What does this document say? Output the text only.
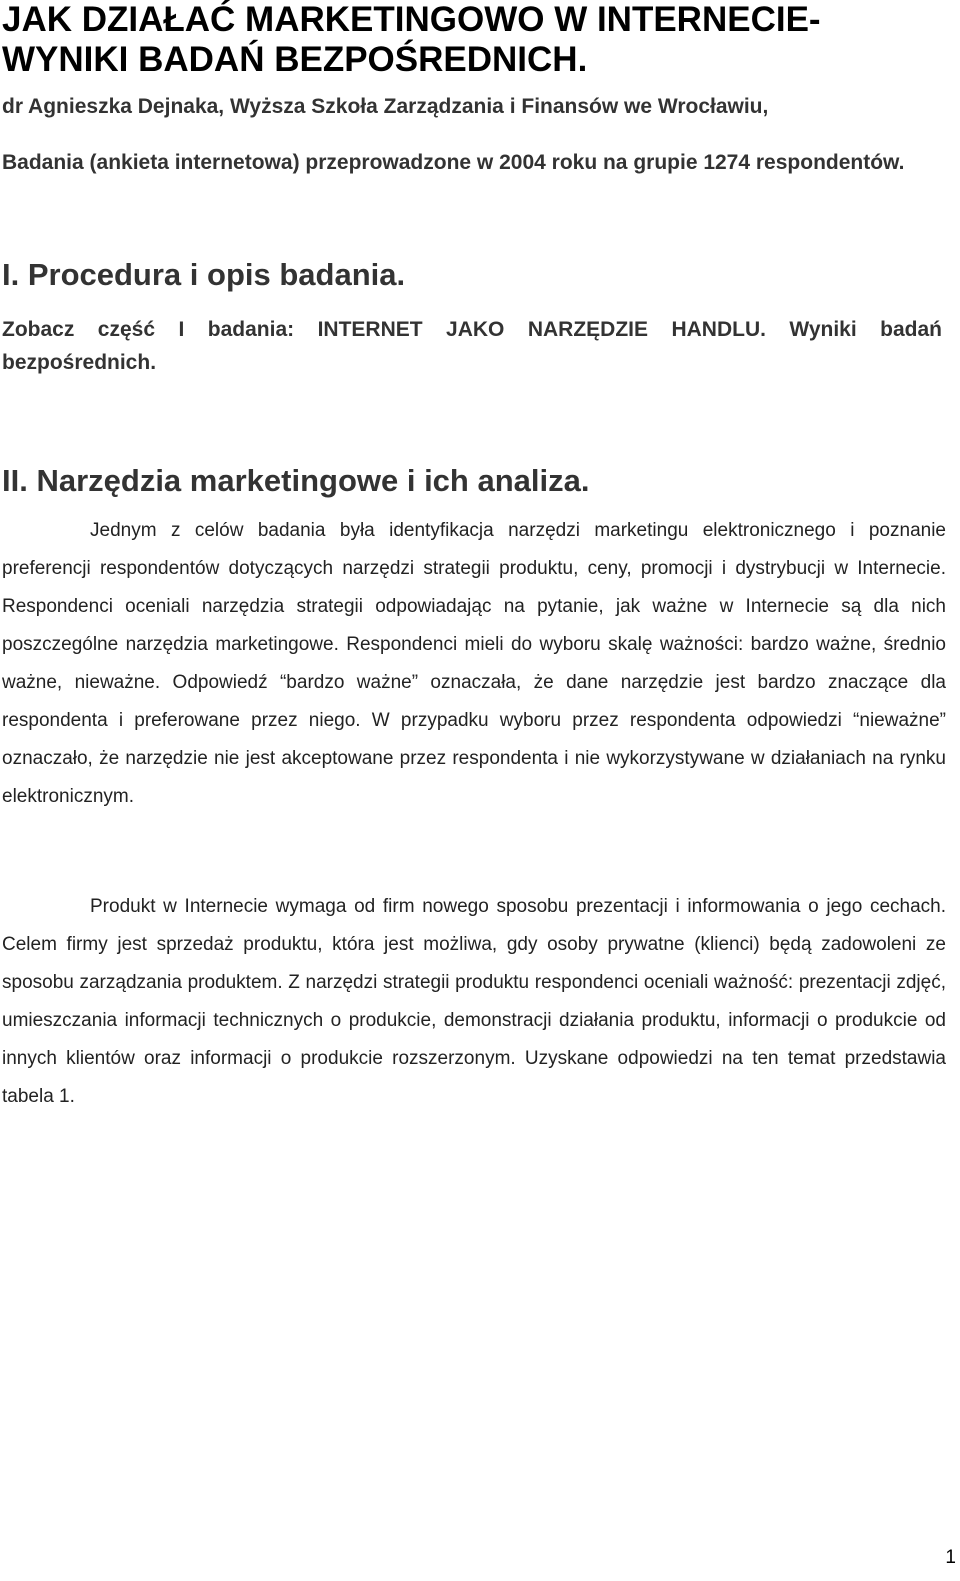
JAK DZIAŁAĆ MARKETINGOWO W INTERNECIE- WYNIKI BADAŃ BEZPOŚREDNICH.

dr Agnieszka Dejnaka, Wyższa Szkoła Zarządzania i Finansów we Wrocławiu,

Badania (ankieta internetowa) przeprowadzone w 2004 roku na grupie 1274 respondentów.

I. Procedura i opis badania.

Zobacz część I badania: INTERNET JAKO NARZĘDZIE HANDLU. Wyniki badań bezpośrednich.

II. Narzędzia marketingowe i ich analiza.

Jednym z celów badania była identyfikacja narzędzi marketingu elektronicznego i poznanie preferencji respondentów dotyczących narzędzi strategii produktu, ceny, promocji i dystrybucji w Internecie. Respondenci oceniali narzędzia strategii odpowiadając na pytanie, jak ważne w Internecie są dla nich poszczególne narzędzia marketingowe. Respondenci mieli do wyboru skalę ważności: bardzo ważne, średnio ważne, nieważne. Odpowiedź “bardzo ważne” oznaczała, że dane narzędzie jest bardzo znaczące dla respondenta i preferowane przez niego. W przypadku wyboru przez respondenta odpowiedzi “nieważne” oznaczało, że narzędzie nie jest akceptowane przez respondenta i nie wykorzystywane w działaniach na rynku elektronicznym.

Produkt w Internecie wymaga od firm nowego sposobu prezentacji i informowania o jego cechach. Celem firmy jest sprzedaż produktu, która jest możliwa, gdy osoby prywatne (klienci) będą zadowoleni ze sposobu zarządzania produktem. Z narzędzi strategii produktu respondenci oceniali ważność: prezentacji zdjęć, umieszczania informacji technicznych o produkcie, demonstracji działania produktu, informacji o produkcie od innych klientów oraz informacji o produkcie rozszerzonym. Uzyskane odpowiedzi na ten temat przedstawia tabela 1.

1
